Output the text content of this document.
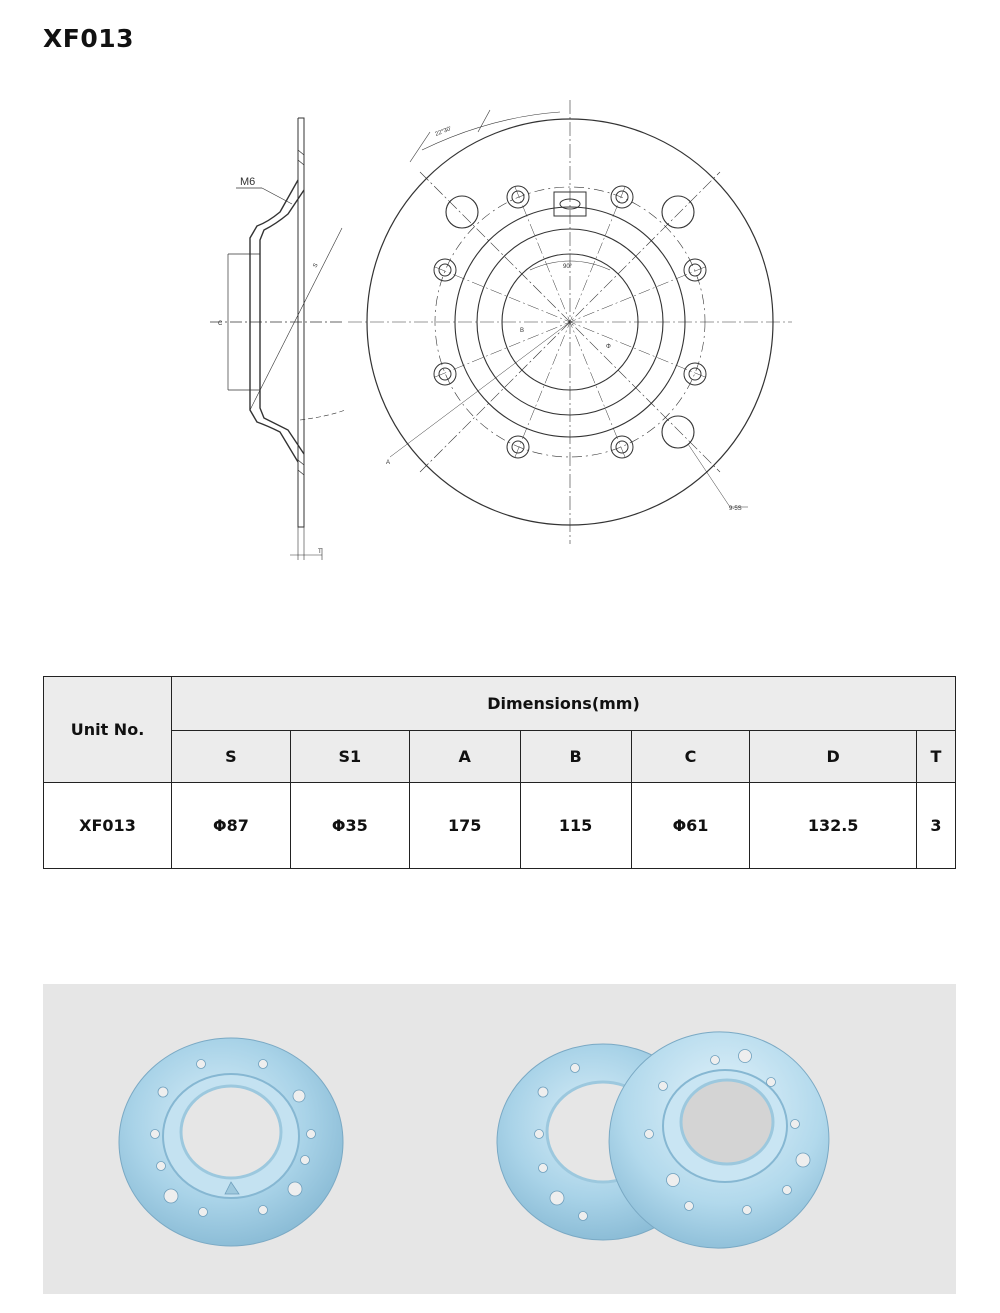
XF013
M6
C
S
T
22°30'
90°
9-5S
B
Φ
A
Unit No.	Dimensions(mm)						
	S	S1	A	B	C	D	T
XF013	Φ87	Φ35	175	115	Φ61	132.5	3
